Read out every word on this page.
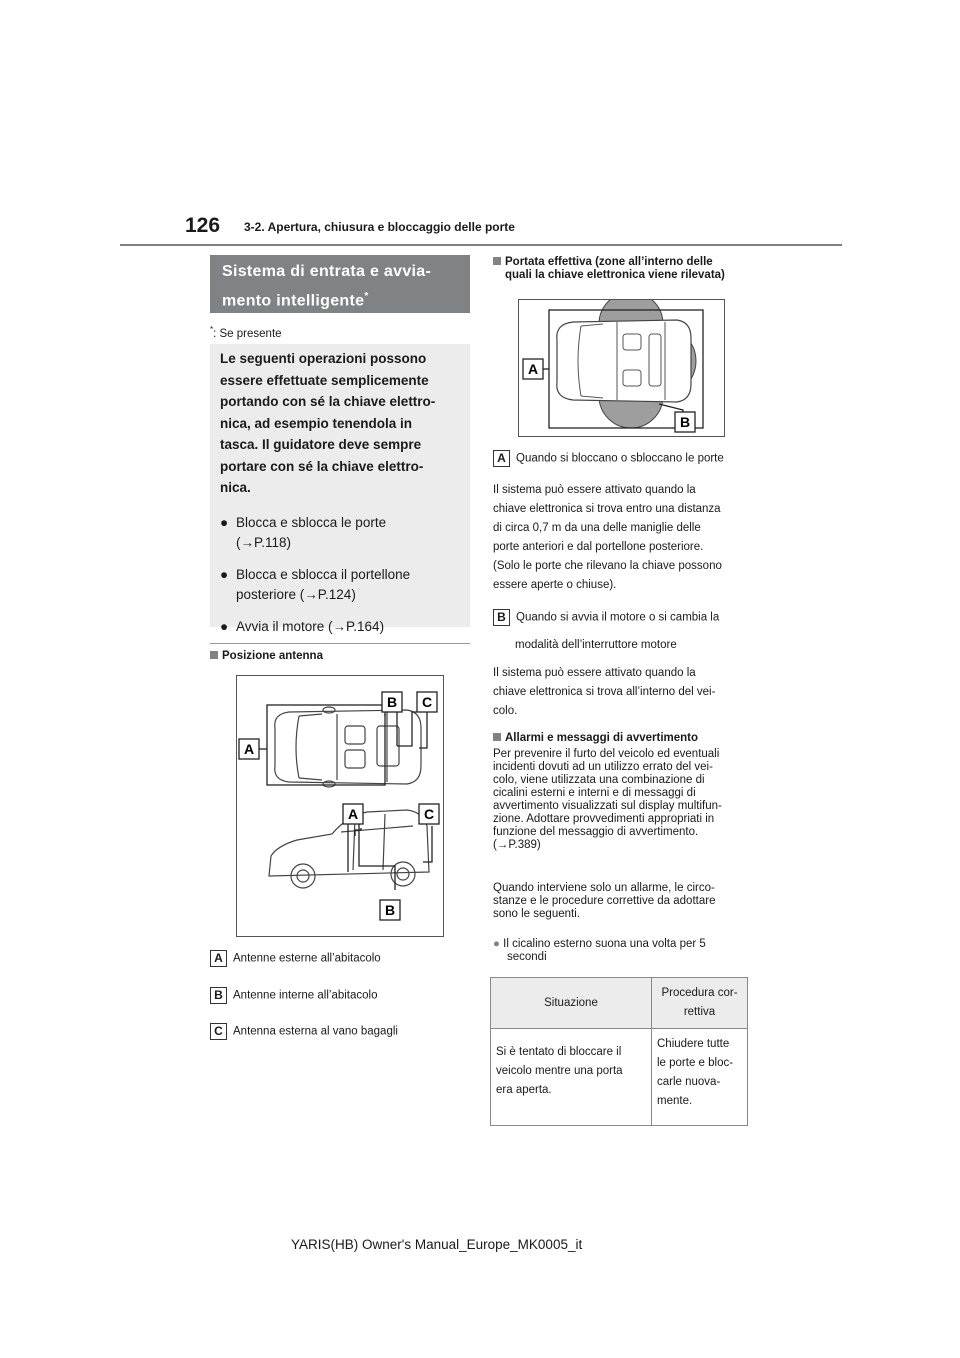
126 3-2. Apertura, chiusura e bloccaggio delle porte
Sistema di entrata e avvia-
mento intelligente*
*: Se presente

Le seguenti operazioni possono
essere effettuate semplicemente
portando con sé la chiave elettro-
nica, ad esempio tenendola in
tasca. Il guidatore deve sempre
portare con sé la chiave elettro-
nica.

● Blocca e sblocca le porte
(→P.118)
● Blocca e sblocca il portellone
posteriore (→P.124)
● Avvia il motore (→P.164)
Posizione antenna
B C
A
A	C
B
A Antenne esterne all’abitacolo
B Antenne interne all’abitacolo
C Antenna esterna al vano bagagli
Portata effettiva (zone all’interno delle
quali la chiave elettronica viene rilevata)
A
B
A Quando si bloccano o sbloccano le porte
Il sistema può essere attivato quando la
chiave elettronica si trova entro una distanza
di circa 0,7 m da una delle maniglie delle
porte anteriori e dal portellone posteriore.
(Solo le porte che rilevano la chiave possono
essere aperte o chiuse).
B Quando si avvia il motore o si cambia la
modalità dell’interruttore motore
Il sistema può essere attivato quando la
chiave elettronica si trova all’interno del vei-
colo.
Allarmi e messaggi di avvertimento
Per prevenire il furto del veicolo ed eventuali
incidenti dovuti ad un utilizzo errato del vei-
colo, viene utilizzata una combinazione di
cicalini esterni e interni e di messaggi di
avvertimento visualizzati sul display multifun-
zione. Adottare provvedimenti appropriati in
funzione del messaggio di avvertimento.
(→P.389)
Quando interviene solo un allarme, le circo-
stanze e le procedure correttive da adottare
sono le seguenti.
● Il cicalino esterno suona una volta per 5
secondi
Situazione	Procedura cor-
rettiva
Si è tentato di bloccare il
veicolo mentre una porta
era aperta.	Chiudere tutte
le porte e bloc-
carle nuova-
mente.
YARIS(HB) Owner's Manual_Europe_MK0005_it
